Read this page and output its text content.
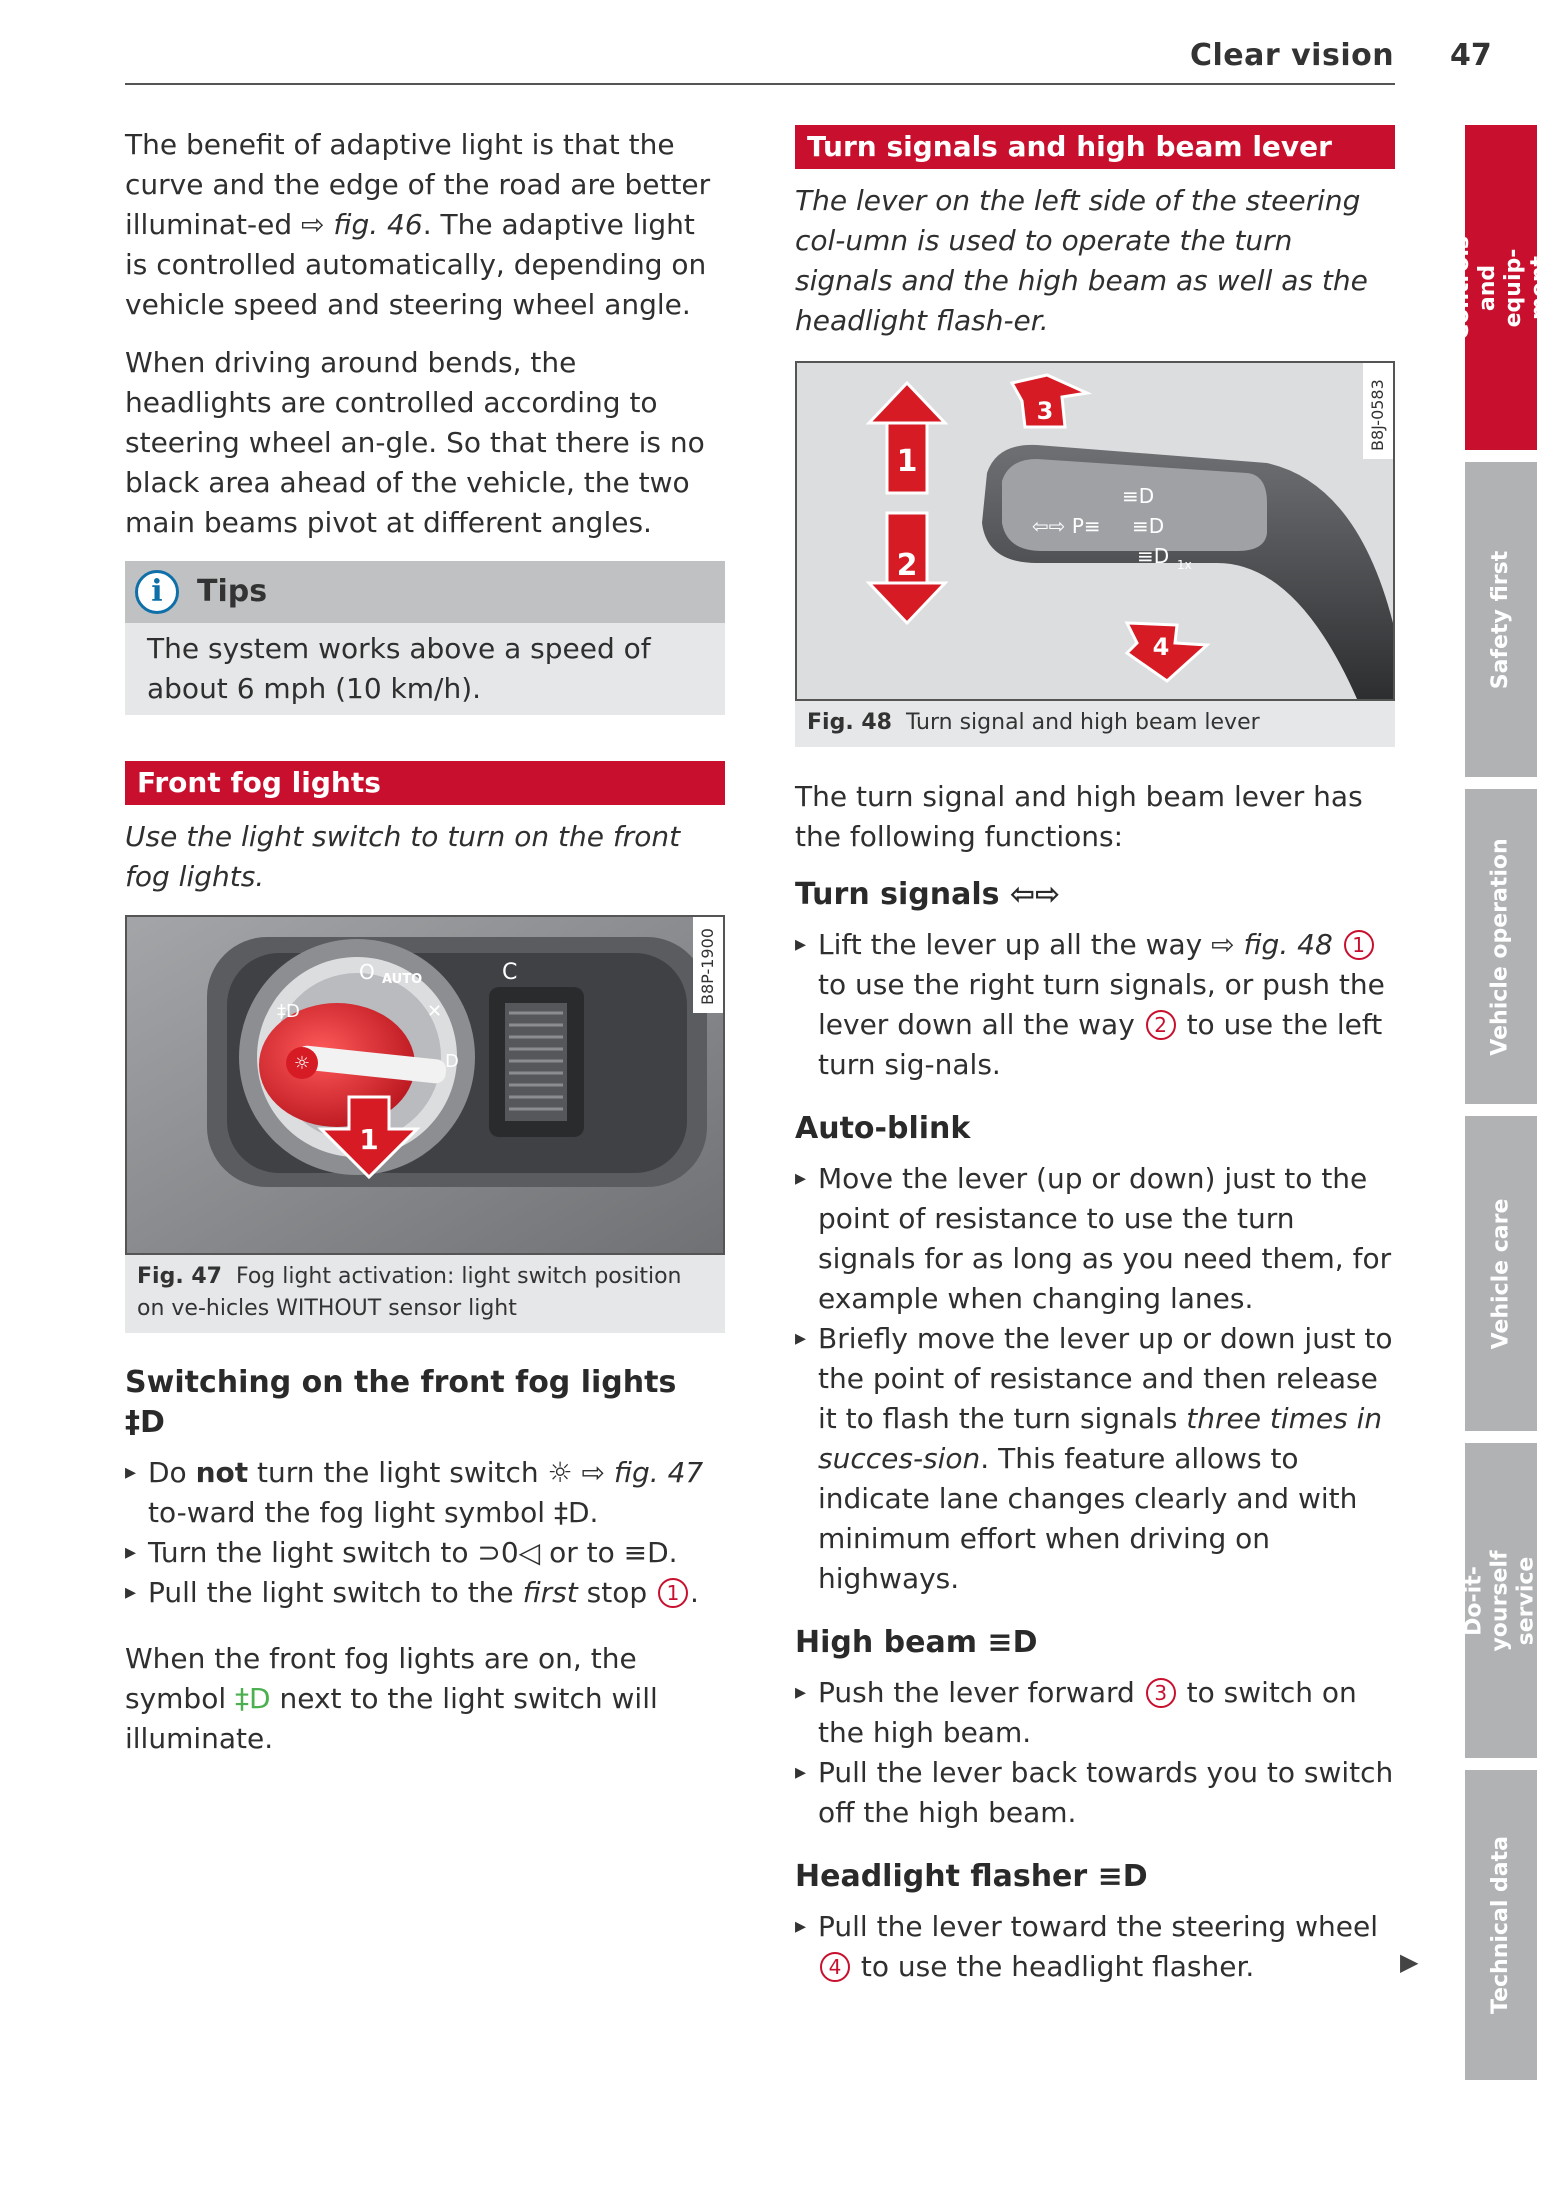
Clear vision 47

The benefit of adaptive light is that the curve and the edge of the road are better illuminat-ed ⇨ fig. 46. The adaptive light is controlled automatically, depending on vehicle speed and steering wheel angle.

When driving around bends, the headlights are controlled according to steering wheel an-gle. So that there is no black area ahead of the vehicle, the two main beams pivot at different angles.

i	Tips
The system works above a speed of about 6 mph (10 km/h).
Front fog lights

Use the light switch to turn on the front fog lights.

☼
O AUTO
‡D	✕
D
C
1
B8P-1900
Fig. 47 Fog light activation: light switch position on ve-hicles WITHOUT sensor light
Switching on the front fog lights ‡D
▸ Do not turn the light switch ☼ ⇨ fig. 47 to-ward the fog light symbol ‡D.
▸ Turn the light switch to ⊃0◁ or to ≡D.
▸ Pull the light switch to the first stop 1 .

When the front fog lights are on, the symbol ‡D next to the light switch will illuminate.

Turn signals and high beam lever

The lever on the left side of the steering col-umn is used to operate the turn signals and the high beam as well as the headlight flash-er.

⇦⇨ P≡
≡D
≡D
≡D 1x
1
2
3
4
B8J-0583
Fig. 48 Turn signal and high beam lever

The turn signal and high beam lever has the following functions:

Turn signals ⇦⇨
▸ Lift the lever up all the way ⇨ fig. 48 1 to use the right turn signals, or push the lever down all the way 2 to use the left turn sig-nals.
Auto-blink
▸ Move the lever (up or down) just to the point of resistance to use the turn signals for as long as you need them, for example when changing lanes.
▸ Briefly move the lever up or down just to the point of resistance and then release it to flash the turn signals three times in succes-sion. This feature allows to indicate lane changes clearly and with minimum effort when driving on highways.
High beam ≡D
▸ Push the lever forward 3 to switch on the high beam.
▸ Pull the lever back towards you to switch off the high beam.
Headlight flasher ≡D
▸ Pull the lever toward the steering wheel 4 to use the headlight flasher.	▶
Controls and equip-ment
Safety first
Vehicle operation
Vehicle care
Do-it-yourself service
Technical data
